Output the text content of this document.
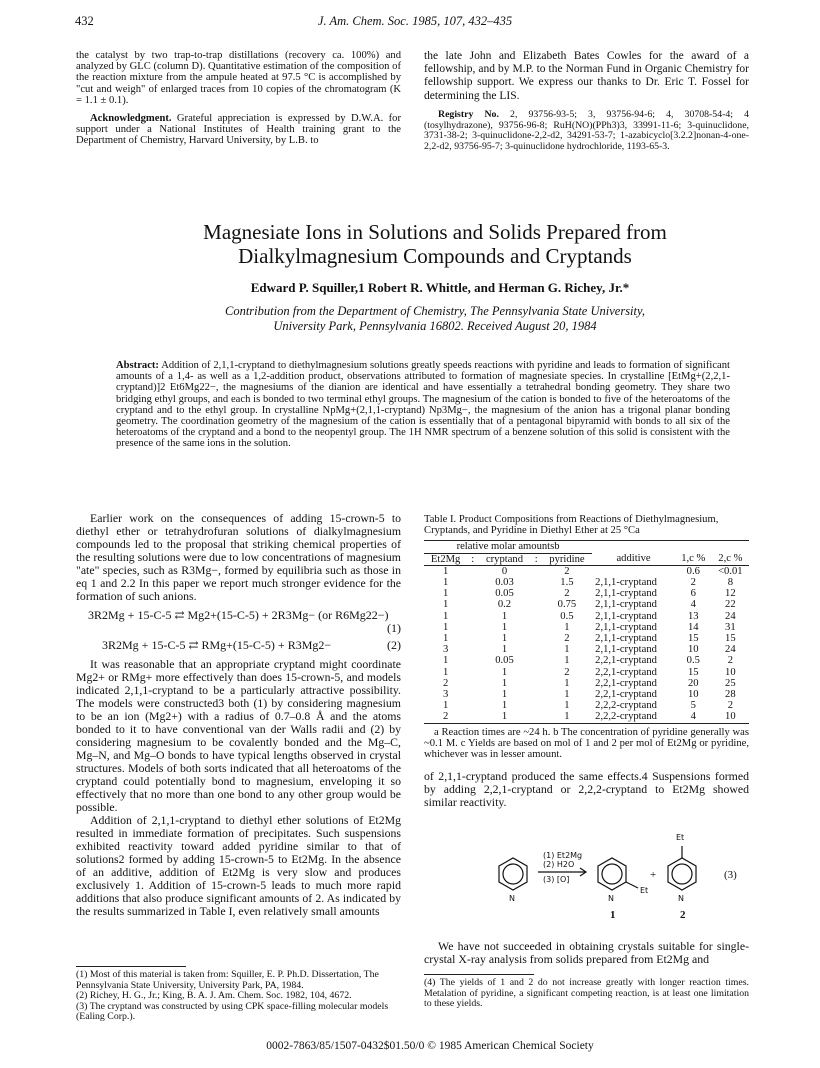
432	J. Am. Chem. Soc. 1985, 107, 432–435

the catalyst by two trap-to-trap distillations (recovery ca. 100%) and analyzed by GLC (column D). Quantitative estimation of the composition of the reaction mixture from the ampule heated at 97.5 °C is accomplished by "cut and weigh" of enlarged traces from 10 copies of the chromatogram (K = 1.1 ± 0.1).

Acknowledgment. Grateful appreciation is expressed by D.W.A. for support under a National Institutes of Health training grant to the Department of Chemistry, Harvard University, by L.B. to

the late John and Elizabeth Bates Cowles for the award of a fellowship, and by M.P. to the Norman Fund in Organic Chemistry for fellowship support. We express our thanks to Dr. Eric T. Fossel for determining the LIS.

Registry No. 2, 93756-93-5; 3, 93756-94-6; 4, 30708-54-4; 4 (tosylhydrazone), 93756-96-8; RuH(NO)(PPh3)3, 33991-11-6; 3-quinuclidone, 3731-38-2; 3-quinuclidone-2,2-d2, 34291-53-7; 1-azabicyclo[3.2.2]nonan-4-one-2,2-d2, 93756-95-7; 3-quinuclidone hydrochloride, 1193-65-3.

Magnesiate Ions in Solutions and Solids Prepared from
Dialkylmagnesium Compounds and Cryptands
Edward P. Squiller,1 Robert R. Whittle, and Herman G. Richey, Jr.*
Contribution from the Department of Chemistry, The Pennsylvania State University,
University Park, Pennsylvania 16802. Received August 20, 1984
Abstract: Addition of 2,1,1-cryptand to diethylmagnesium solutions greatly speeds reactions with pyridine and leads to formation of significant amounts of a 1,4- as well as a 1,2-addition product, observations attributed to formation of magnesiate species. In crystalline [EtMg+(2,2,1-cryptand)]2 Et6Mg22−, the magnesiums of the dianion are identical and have essentially a tetrahedral bonding geometry. They share two bridging ethyl groups, and each is bonded to two terminal ethyl groups. The magnesium of the cation is bonded to five of the heteroatoms of the cryptand and to the ethyl group. In crystalline NpMg+(2,1,1-cryptand) Np3Mg−, the magnesium of the anion has a trigonal planar bonding geometry. The coordination geometry of the magnesium of the cation is essentially that of a pentagonal bipyramid with bonds to all six of the heteroatoms of the cryptand and a bond to the neopentyl group. The 1H NMR spectrum of a benzene solution of this solid is consistent with the presence of the same ions in the solution.

Earlier work on the consequences of adding 15-crown-5 to diethyl ether or tetrahydrofuran solutions of dialkylmagnesium compounds led to the proposal that striking chemical properties of the resulting solutions were due to low concentrations of magnesium "ate" species, such as R3Mg−, formed by equilibria such as those in eq 1 and 2.2 In this paper we report much stronger evidence for the formation of such anions.

3R2Mg + 15-C-5 ⇄ Mg2+(15-C-5) + 2R3Mg− (or R6Mg22−)
(1)
3R2Mg + 15-C-5 ⇄ RMg+(15-C-5) + R3Mg2−	(2)

It was reasonable that an appropriate cryptand might coordinate Mg2+ or RMg+ more effectively than does 15-crown-5, and models indicated 2,1,1-cryptand to be a particularly attractive possibility. The models were constructed3 both (1) by considering magnesium to be an ion (Mg2+) with a radius of 0.7–0.8 Å and the atoms bonded to it to have conventional van der Walls radii and (2) by considering magnesium to be covalently bonded and the Mg–C, Mg–N, and Mg–O bonds to have typical lengths observed in crystal structures. Models of both sorts indicated that all heteroatoms of the cryptand could potentially bond to magnesium, enveloping it so effectively that no more than one bond to any other group would be possible.

Addition of 2,1,1-cryptand to diethyl ether solutions of Et2Mg resulted in immediate formation of precipitates. Such suspensions exhibited reactivity toward added pyridine similar to that of solutions2 formed by adding 15-crown-5 to Et2Mg. In the absence of an additive, addition of Et2Mg is very slow and produces exclusively 1. Addition of 15-crown-5 leads to much more rapid additions that also produce significant amounts of 2. As indicated by the results summarized in Table I, even relatively small amounts

(1) Most of this material is taken from: Squiller, E. P. Ph.D. Dissertation, The Pennsylvania State University, University Park, PA, 1984.
(2) Richey, H. G., Jr.; King, B. A. J. Am. Chem. Soc. 1982, 104, 4672.
(3) The cryptand was constructed by using CPK space-filling molecular models (Ealing Corp.).
Table I. Product Compositions from Reactions of Diethylmagnesium, Cryptands, and Pyridine in Diethyl Ether at 25 °Ca
relative molar amountsb							
Et2Mg	:	cryptand	:	pyridine	additive	1,c %	2,c %
1		0		2		0.6	<0.01
1		0.03		1.5	2,1,1-cryptand	2	8
1		0.05		2	2,1,1-cryptand	6	12
1		0.2		0.75	2,1,1-cryptand	4	22
1		1		0.5	2,1,1-cryptand	13	24
1		1		1	2,1,1-cryptand	14	31
1		1		2	2,1,1-cryptand	15	15
3		1		1	2,1,1-cryptand	10	24
1		0.05		1	2,2,1-cryptand	0.5	2
1		1		2	2,2,1-cryptand	15	10
2		1		1	2,2,1-cryptand	20	25
3		1		1	2,2,1-cryptand	10	28
1		1		1	2,2,2-cryptand	5	2
2		1		1	2,2,2-cryptand	4	10
a Reaction times are ~24 h. b The concentration of pyridine generally was ~0.1 M. c Yields are based on mol of 1 and 2 per mol of Et2Mg or pyridine, whichever was in lesser amount.

of 2,1,1-cryptand produced the same effects.4 Suspensions formed by adding 2,2,1-cryptand or 2,2,2-cryptand to Et2Mg showed similar reactivity.

(1) Et2Mg
(2) H2O
(3) [O]
N	N
Et
N
Et
+
1	2
(3)

We have not succeeded in obtaining crystals suitable for single-crystal X-ray analysis from solids prepared from Et2Mg and

(4) The yields of 1 and 2 do not increase greatly with longer reaction times. Metalation of pyridine, a significant competing reaction, is at least one limitation to these yields.
0002-7863/85/1507-0432$01.50/0 © 1985 American Chemical Society
